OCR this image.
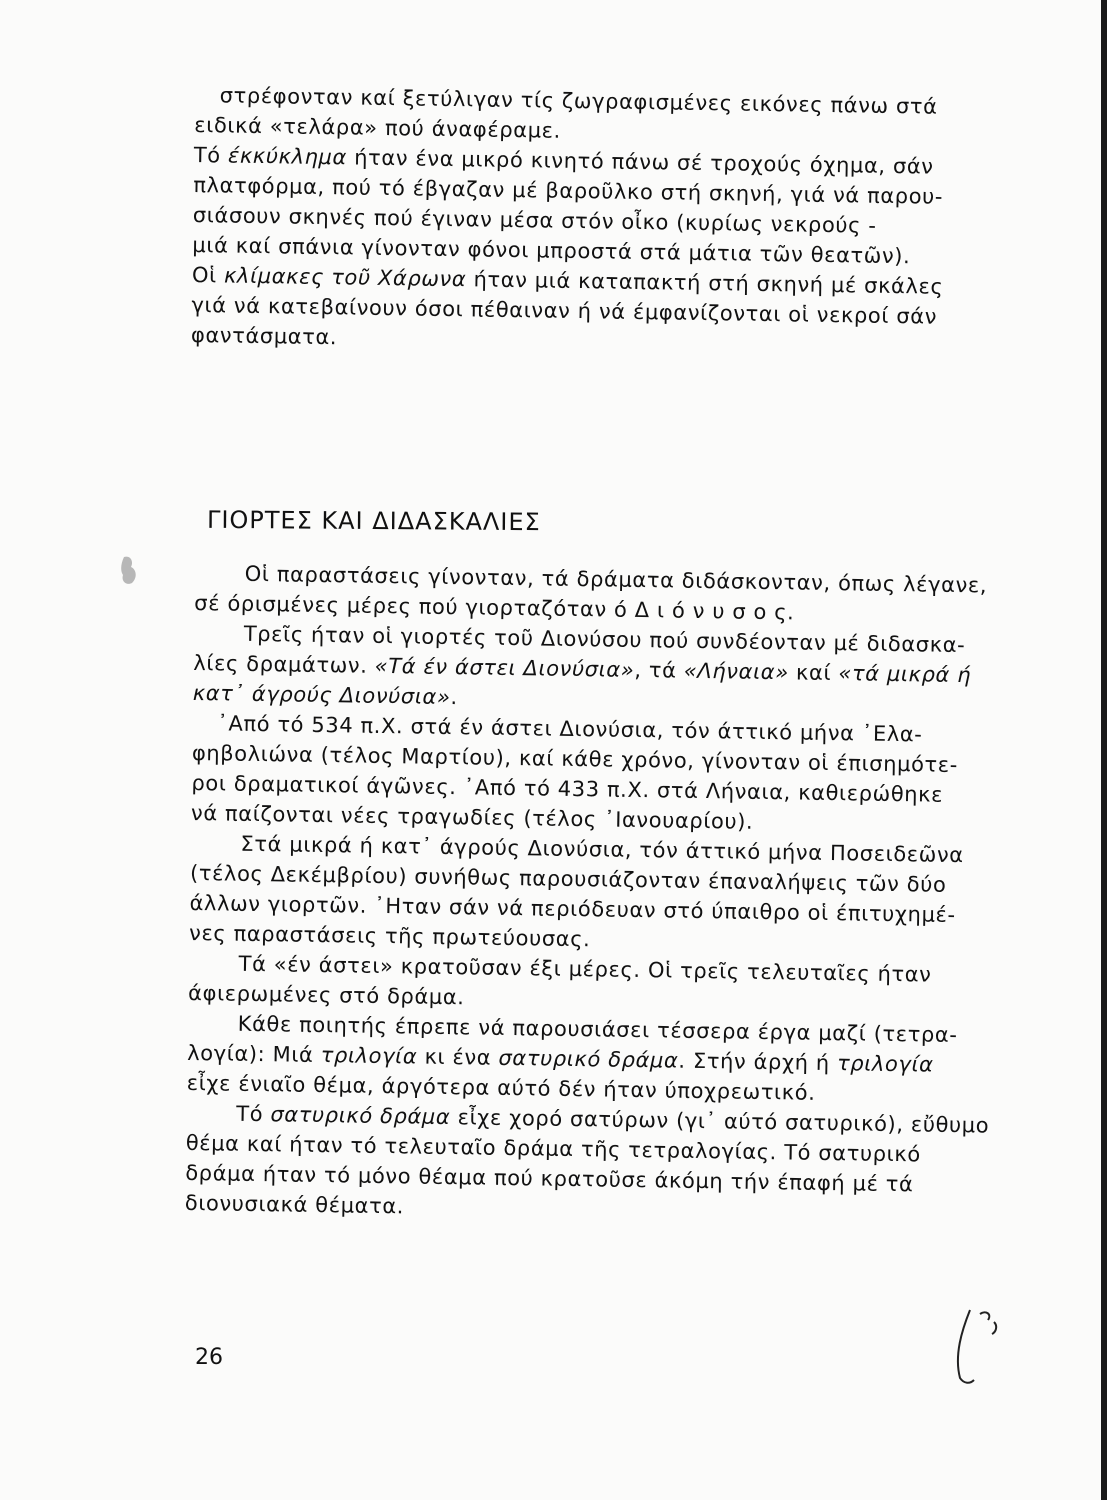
στρέφονταν καί ξετύλιγαν τίς ζωγραφισμένες εικόνες πάνω στά
ειδικά «τελάρα» πού άναφέραμε.
Τό έκκύκλημα ήταν ένα μικρό κινητό πάνω σέ τροχούς όχημα, σάν
πλατφόρμα, πού τό έβγαζαν μέ βαροῦλκο στή σκηνή, γιά νά παρου-
σιάσουν σκηνές πού έγιναν μέσα στόν οἶκο (κυρίως νεκρούς -
μιά καί σπάνια γίνονταν φόνοι μπροστά στά μάτια τῶν θεατῶν).
Οἱ κλίμακες τοῦ Χάρωνα ήταν μιά καταπακτή στή σκηνή μέ σκάλες
γιά νά κατεβαίνουν όσοι πέθαιναν ή νά έμφανίζονται οἱ νεκροί σάν
φαντάσματα.
ΓΙΟΡΤΕΣ ΚΑΙ ΔΙΔΑΣΚΑΛΙΕΣ
Οἱ παραστάσεις γίνονταν, τά δράματα διδάσκονταν, όπως λέγανε,
σέ όρισμένες μέρες πού γιορταζόταν ό Δ ι ό ν υ σ ο ς.
Τρεῖς ήταν οἱ γιορτές τοῦ Διονύσου πού συνδέονταν μέ διδασκα-
λίες δραμάτων. «Τά έν άστει Διονύσια», τά «Λήναια» καί «τά μικρά ή
κατ᾽ άγρούς Διονύσια».
᾽Από τό 534 π.Χ. στά έν άστει Διονύσια, τόν άττικό μήνα ᾽Ελα-
φηβολιώνα (τέλος Μαρτίου), καί κάθε χρόνο, γίνονταν οἱ έπισημότε-
ροι δραματικοί άγῶνες. ᾽Από τό 433 π.Χ. στά Λήναια, καθιερώθηκε
νά παίζονται νέες τραγωδίες (τέλος ᾽Ιανουαρίου).
Στά μικρά ή κατ᾽ άγρούς Διονύσια, τόν άττικό μήνα Ποσειδεῶνα
(τέλος Δεκέμβρίου) συνήθως παρουσιάζονταν έπαναλήψεις τῶν δύο
άλλων γιορτῶν. ᾽Ηταν σάν νά περιόδευαν στό ύπαιθρο οἱ έπιτυχημέ-
νες παραστάσεις τῆς πρωτεύουσας.
Τά «έν άστει» κρατοῦσαν έξι μέρες. Οἱ τρεῖς τελευταῖες ήταν
άφιερωμένες στό δράμα.
Κάθε ποιητής έπρεπε νά παρουσιάσει τέσσερα έργα μαζί (τετρα-
λογία): Μιά τριλογία κι ένα σατυρικό δράμα. Στήν άρχή ή τριλογία
εἶχε ένιαῖο θέμα, άργότερα αύτό δέν ήταν ύποχρεωτικό.
Τό σατυρικό δράμα εἶχε χορό σατύρων (γι᾽ αύτό σατυρικό), εὔθυμο
θέμα καί ήταν τό τελευταῖο δράμα τῆς τετραλογίας. Τό σατυρικό
δράμα ήταν τό μόνο θέαμα πού κρατοῦσε άκόμη τήν έπαφή μέ τά
διονυσιακά θέματα.
26
